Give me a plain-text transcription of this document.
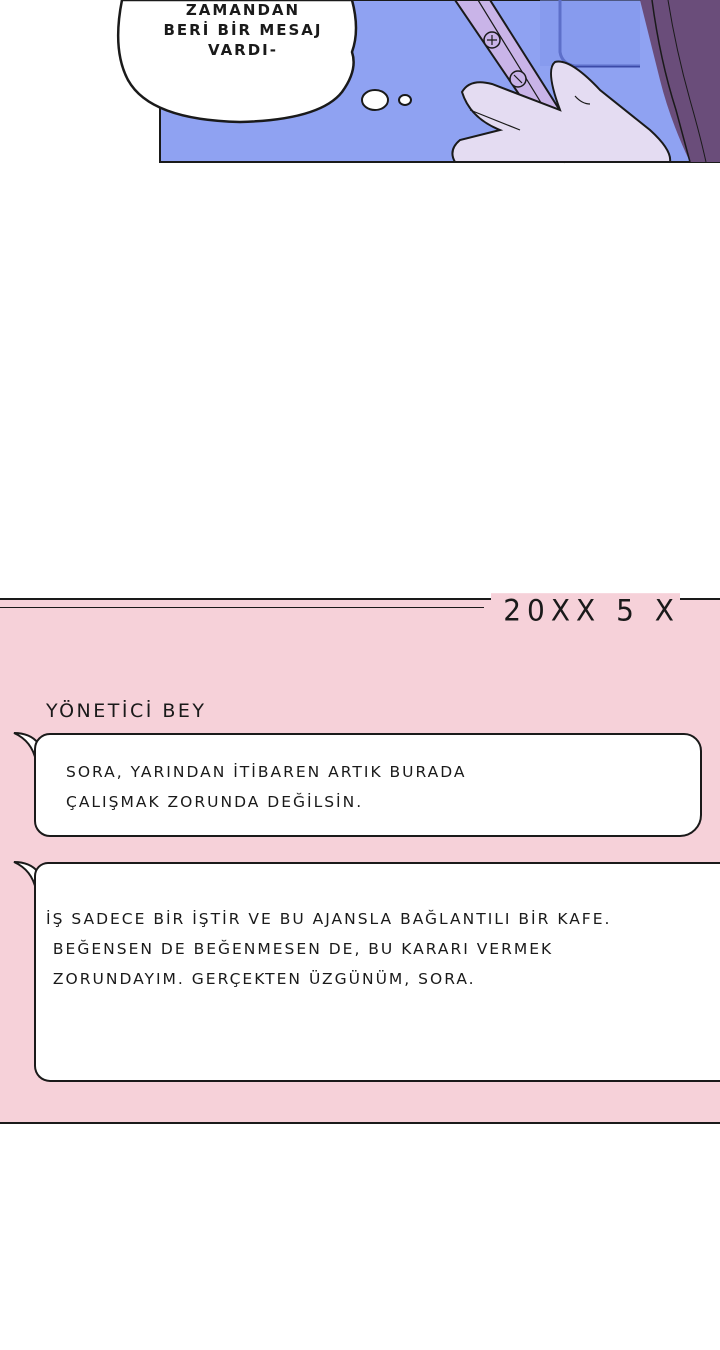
ZAMANDAN
BERİ BİR MESAJ
VARDI-
20XX 5 X
YÖNETİCİ BEY
SORA, YARINDAN İTİBAREN ARTIK BURADA
ÇALIŞMAK ZORUNDA DEĞİLSİN.
İŞ SADECE BİR İŞTİR VE BU AJANSLA BAĞLANTILI BİR KAFE.
BEĞENSEN DE BEĞENMESEN DE, BU KARARI VERMEK
ZORUNDAYIM. GERÇEKTEN ÜZGÜNÜM, SORA.
